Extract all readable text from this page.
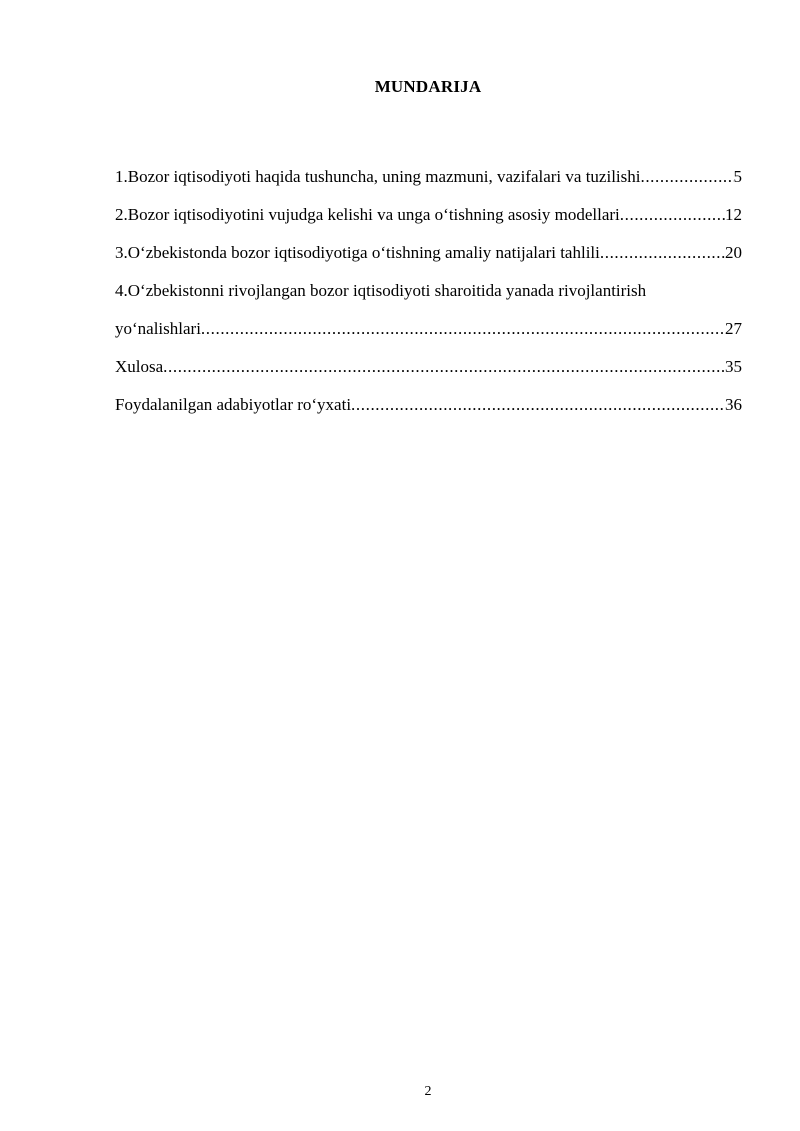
MUNDARIJA
1.Bozor iqtisodiyoti haqida tushuncha, uning mazmuni, vazifalari va tuzilishi .....	5
2.Bozor iqtisodiyotini vujudga kelishi va unga o‘tishning asosiy modellari .....	12
3.O‘zbekistonda bozor iqtisodiyotiga o‘tishning amaliy natijalari tahlili .....	20
4.O‘zbekistonni rivojlangan bozor iqtisodiyoti sharoitida yanada rivojlantirish
yo‘nalishlari .....	27
Xulosa .....	35
Foydalanilgan adabiyotlar ro‘yxati .....	36
2
